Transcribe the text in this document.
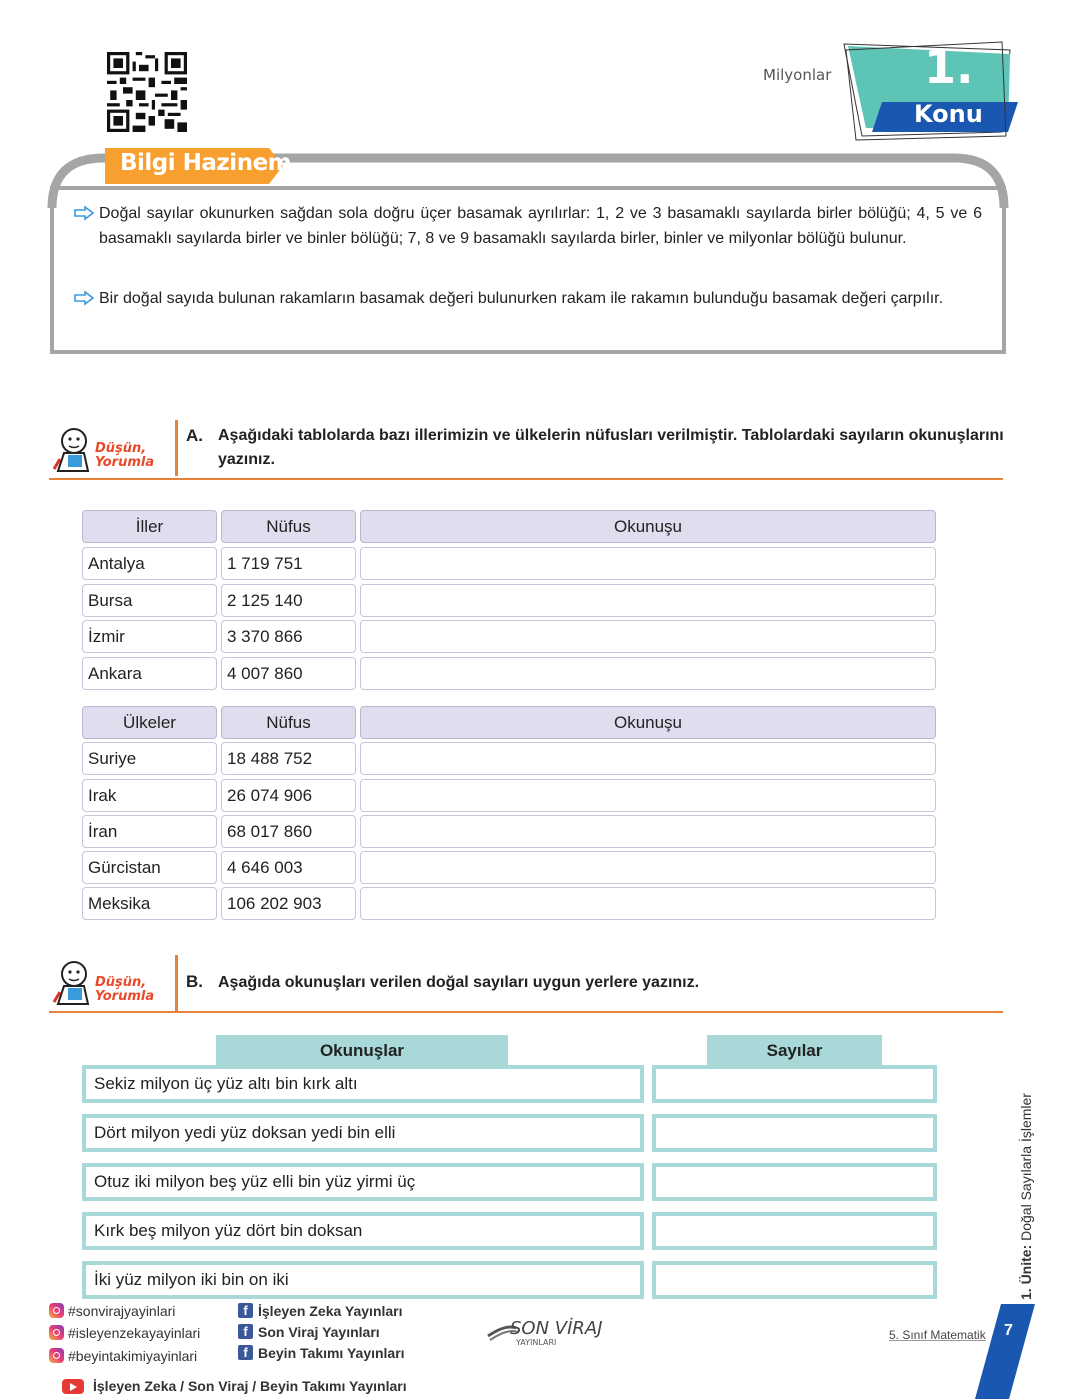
Milyonlar 1.
Konu
Bilgi Hazinem
Doğal sayılar okunurken sağdan sola doğru üçer basamak ayrılırlar: 1, 2 ve 3 basamaklı sayılarda birler bölüğü; 4, 5 ve 6 basamaklı sayılarda birler ve binler bölüğü; 7, 8 ve 9 basamaklı sayılarda birler, binler ve milyonlar bölüğü bulunur.
Bir doğal sayıda bulunan rakamların basamak değeri bulunurken rakam ile rakamın bulunduğu basamak değeri çarpılır.
Düşün, Yorumla
A. Aşağıdaki tablolarda bazı illerimizin ve ülkelerin nüfusları verilmiştir. Tablolardaki sayıların okunuşlarını yazınız.
İller	Nüfus	Okunuşu
Antalya	1 719 751
Bursa	2 125 140
İzmir	3 370 866
Ankara	4 007 860
Ülkeler	Nüfus	Okunuşu
Suriye	18 488 752
Irak	26 074 906
İran	68 017 860
Gürcistan	4 646 003
Meksika	106 202 903
Düşün, Yorumla
B. Aşağıda okunuşları verilen doğal sayıları uygun yerlere yazınız.
Okunuşlar	Sayılar
Sekiz milyon üç yüz altı bin kırk altı
Dört milyon yedi yüz doksan yedi bin elli
Otuz iki milyon beş yüz elli bin yüz yirmi üç
Kırk beş milyon yüz dört bin doksan
İki yüz milyon iki bin on iki
#sonvirajyayinlari
#isleyenzekayayinlari
#beyintakimiyayinlari
f İşleyen Zeka Yayınları
f Son Viraj Yayınları
f Beyin Takımı Yayınları
İşleyen Zeka / Son Viraj / Beyin Takımı Yayınları
SON VİRAJ
YAYINLARI
5. Sınıf Matematik 7
1. Ünite: Doğal Sayılarla İşlemler
